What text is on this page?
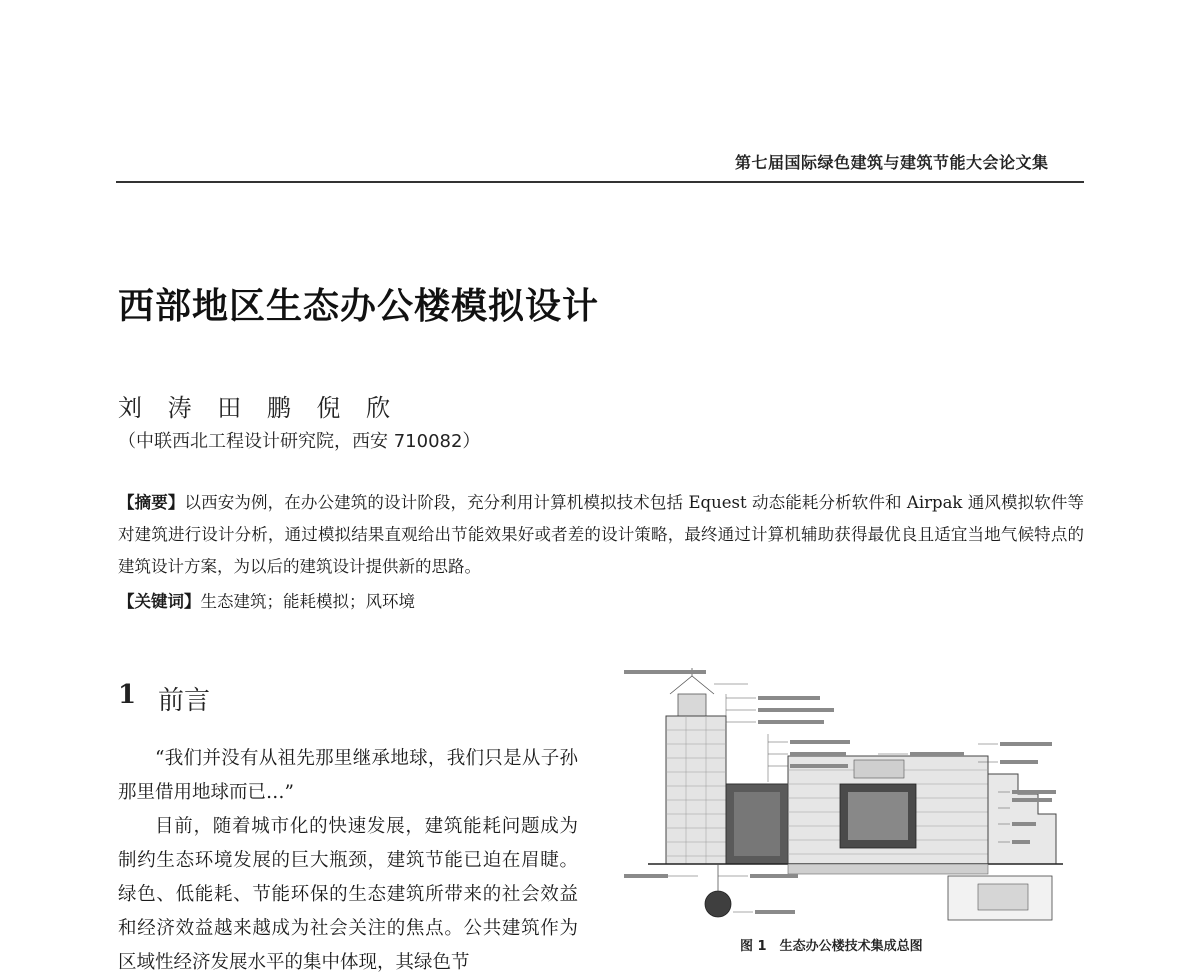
第七届国际绿色建筑与建筑节能大会论文集
西部地区生态办公楼模拟设计
刘 涛 田 鹏 倪 欣
（中联西北工程设计研究院，西安 710082）
【摘要】以西安为例，在办公建筑的设计阶段，充分利用计算机模拟技术包括 Equest 动态能耗分析软件和 Airpak 通风模拟软件等对建筑进行设计分析，通过模拟结果直观给出节能效果好或者差的设计策略，最终通过计算机辅助获得最优良且适宜当地气候特点的建筑设计方案，为以后的建筑设计提供新的思路。
【关键词】生态建筑；能耗模拟；风环境
1 前言

“我们并没有从祖先那里继承地球，我们只是从子孙那里借用地球而已…”

目前，随着城市化的快速发展，建筑能耗问题成为制约生态环境发展的巨大瓶颈，建筑节能已迫在眉睫。绿色、低能耗、节能环保的生态建筑所带来的社会效益和经济效益越来越成为社会关注的焦点。公共建筑作为区域性经济发展水平的集中体现，其绿色节

图 1　生态办公楼技术集成总图
